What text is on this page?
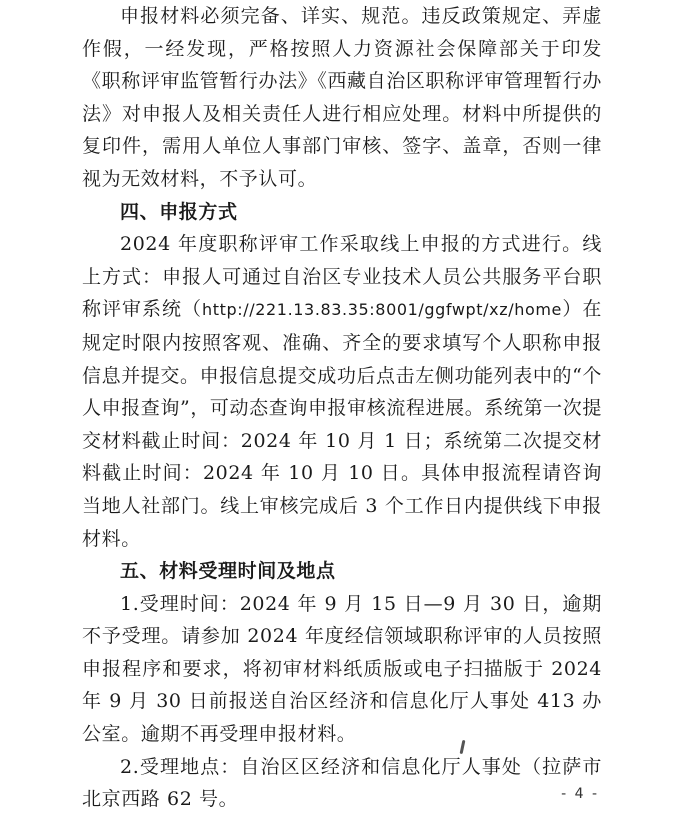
申报材料必须完备、详实、规范。违反政策规定、弄虚作假，一经发现，严格按照人力资源社会保障部关于印发《职称评审监管暂行办法》《西藏自治区职称评审管理暂行办法》对申报人及相关责任人进行相应处理。材料中所提供的复印件，需用人单位人事部门审核、签字、盖章，否则一律视为无效材料，不予认可。

四、申报方式

2024 年度职称评审工作采取线上申报的方式进行。线上方式：申报人可通过自治区专业技术人员公共服务平台职称评审系统（http://221.13.83.35:8001/ggfwpt/xz/home）在规定时限内按照客观、准确、齐全的要求填写个人职称申报信息并提交。申报信息提交成功后点击左侧功能列表中的“个人申报查询”，可动态查询申报审核流程进展。系统第一次提交材料截止时间：2024 年 10 月 1 日；系统第二次提交材料截止时间：2024 年 10 月 10 日。具体申报流程请咨询当地人社部门。线上审核完成后 3 个工作日内提供线下申报材料。

五、材料受理时间及地点

1.受理时间：2024 年 9 月 15 日—9 月 30 日，逾期不予受理。请参加 2024 年度经信领域职称评审的人员按照申报程序和要求，将初审材料纸质版或电子扫描版于 2024 年 9 月 30 日前报送自治区经济和信息化厅人事处 413 办公室。逾期不再受理申报材料。

2.受理地点：自治区区经济和信息化厅人事处（拉萨市北京西路 62 号。	- 4 -
